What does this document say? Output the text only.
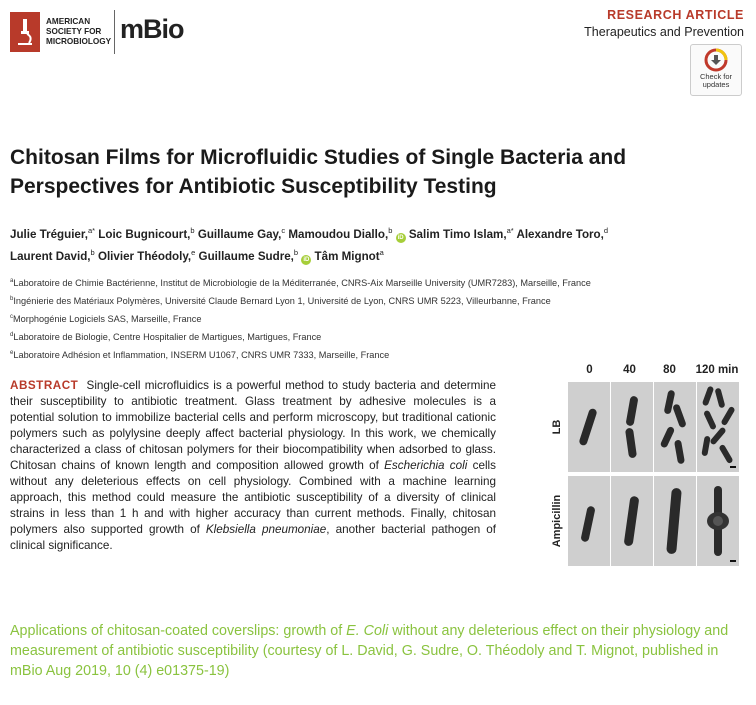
AMERICAN
SOCIETY FOR
MICROBIOLOGY mBio	RESEARCH ARTICLE
Therapeutics and Prevention
Check for
updates
Chitosan Films for Microfluidic Studies of Single Bacteria and Perspectives for Antibiotic Susceptibility Testing
Julie Tréguier,$^{a*}$ Loic Bugnicourt,$^b$ Guillaume Gay,$^c$ Mamoudou Diallo,$^b$ iD Salim Timo Islam,$^{a*}$ Alexandre Toro,$^d$
Laurent David,$^b$ Olivier Théodoly,$^e$ Guillaume Sudre,$^b$ iD Tâm Mignot$^a$
$^a$Laboratoire de Chimie Bactérienne, Institut de Microbiologie de la Méditerranée, CNRS-Aix Marseille University (UMR7283), Marseille, France
$^b$Ingénierie des Matériaux Polymères, Université Claude Bernard Lyon 1, Université de Lyon, CNRS UMR 5223, Villeurbanne, France
$^c$Morphogénie Logiciels SAS, Marseille, France
$^d$Laboratoire de Biologie, Centre Hospitalier de Martigues, Martigues, France
$^e$Laboratoire Adhésion et Inflammation, INSERM U1067, CNRS UMR 7333, Marseille, France
ABSTRACT Single-cell microfluidics is a powerful method to study bacteria and determine their susceptibility to antibiotic treatment. Glass treatment by adhesive molecules is a potential solution to immobilize bacterial cells and perform microscopy, but traditional cationic polymers such as polylysine deeply affect bacterial physiology. In this work, we chemically characterized a class of chitosan polymers for their biocompatibility when adsorbed to glass. Chitosan chains of known length and composition allowed growth of Escherichia coli cells without any deleterious effects on cell physiology. Combined with a machine learning approach, this method could measure the antibiotic susceptibility of a diversity of clinical strains in less than 1 h and with higher accuracy than current methods. Finally, chitosan polymers also supported growth of Klebsiella pneumoniae, another bacterial pathogen of clinical significance.
0	40	80	120 min
LB
Ampicillin
Applications of chitosan-coated coverslips: growth of E. Coli without any deleterious effect on their physiology and measurement of antibiotic susceptibility (courtesy of L. David, G. Sudre, O. Théodoly and T. Mignot, published in mBio Aug 2019, 10 (4) e01375-19)
